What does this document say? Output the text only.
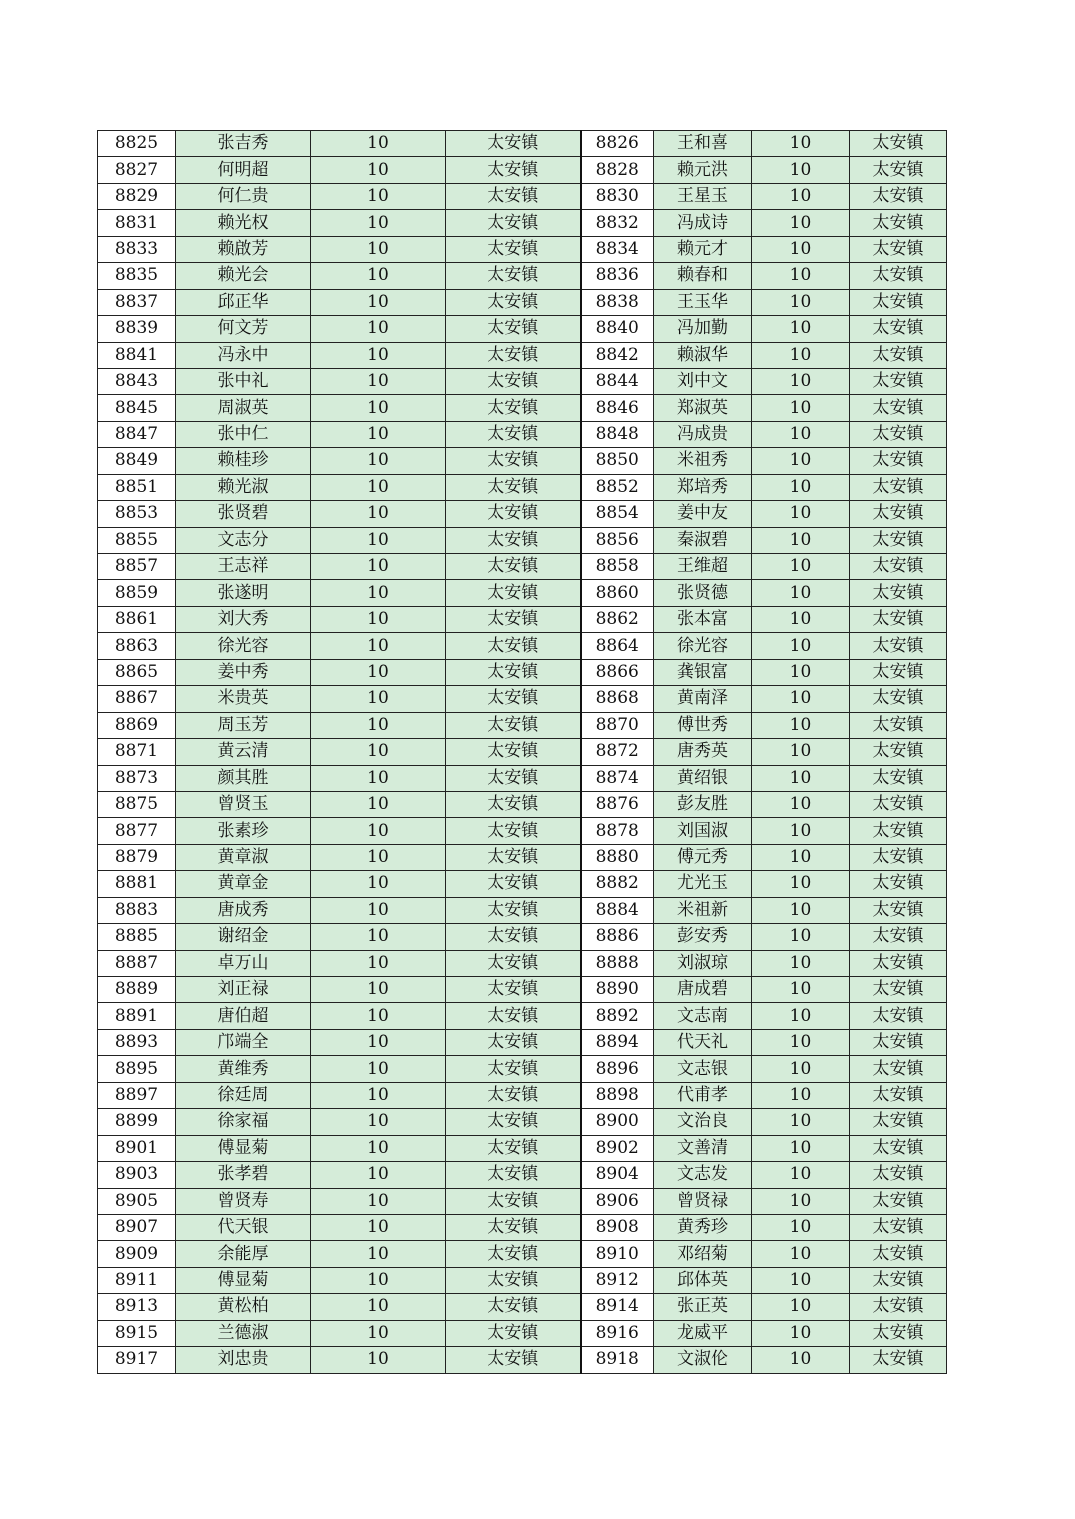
8825	张吉秀	10	太安镇	8826	王和喜	10	太安镇
8827	何明超	10	太安镇	8828	赖元洪	10	太安镇
8829	何仁贵	10	太安镇	8830	王星玉	10	太安镇
8831	赖光权	10	太安镇	8832	冯成诗	10	太安镇
8833	赖啟芳	10	太安镇	8834	赖元才	10	太安镇
8835	赖光会	10	太安镇	8836	赖春和	10	太安镇
8837	邱正华	10	太安镇	8838	王玉华	10	太安镇
8839	何文芳	10	太安镇	8840	冯加勤	10	太安镇
8841	冯永中	10	太安镇	8842	赖淑华	10	太安镇
8843	张中礼	10	太安镇	8844	刘中文	10	太安镇
8845	周淑英	10	太安镇	8846	郑淑英	10	太安镇
8847	张中仁	10	太安镇	8848	冯成贵	10	太安镇
8849	赖桂珍	10	太安镇	8850	米祖秀	10	太安镇
8851	赖光淑	10	太安镇	8852	郑培秀	10	太安镇
8853	张贤碧	10	太安镇	8854	姜中友	10	太安镇
8855	文志分	10	太安镇	8856	秦淑碧	10	太安镇
8857	王志祥	10	太安镇	8858	王维超	10	太安镇
8859	张遂明	10	太安镇	8860	张贤德	10	太安镇
8861	刘大秀	10	太安镇	8862	张本富	10	太安镇
8863	徐光容	10	太安镇	8864	徐光容	10	太安镇
8865	姜中秀	10	太安镇	8866	龚银富	10	太安镇
8867	米贵英	10	太安镇	8868	黄南泽	10	太安镇
8869	周玉芳	10	太安镇	8870	傅世秀	10	太安镇
8871	黄云清	10	太安镇	8872	唐秀英	10	太安镇
8873	颜其胜	10	太安镇	8874	黄绍银	10	太安镇
8875	曾贤玉	10	太安镇	8876	彭友胜	10	太安镇
8877	张素珍	10	太安镇	8878	刘国淑	10	太安镇
8879	黄章淑	10	太安镇	8880	傅元秀	10	太安镇
8881	黄章金	10	太安镇	8882	尤光玉	10	太安镇
8883	唐成秀	10	太安镇	8884	米祖新	10	太安镇
8885	谢绍金	10	太安镇	8886	彭安秀	10	太安镇
8887	卓万山	10	太安镇	8888	刘淑琼	10	太安镇
8889	刘正禄	10	太安镇	8890	唐成碧	10	太安镇
8891	唐伯超	10	太安镇	8892	文志南	10	太安镇
8893	邝端全	10	太安镇	8894	代天礼	10	太安镇
8895	黄维秀	10	太安镇	8896	文志银	10	太安镇
8897	徐廷周	10	太安镇	8898	代甫孝	10	太安镇
8899	徐家福	10	太安镇	8900	文治良	10	太安镇
8901	傅显菊	10	太安镇	8902	文善清	10	太安镇
8903	张孝碧	10	太安镇	8904	文志发	10	太安镇
8905	曾贤寿	10	太安镇	8906	曾贤禄	10	太安镇
8907	代天银	10	太安镇	8908	黄秀珍	10	太安镇
8909	余能厚	10	太安镇	8910	邓绍菊	10	太安镇
8911	傅显菊	10	太安镇	8912	邱体英	10	太安镇
8913	黄松柏	10	太安镇	8914	张正英	10	太安镇
8915	兰德淑	10	太安镇	8916	龙威平	10	太安镇
8917	刘忠贵	10	太安镇	8918	文淑伦	10	太安镇
